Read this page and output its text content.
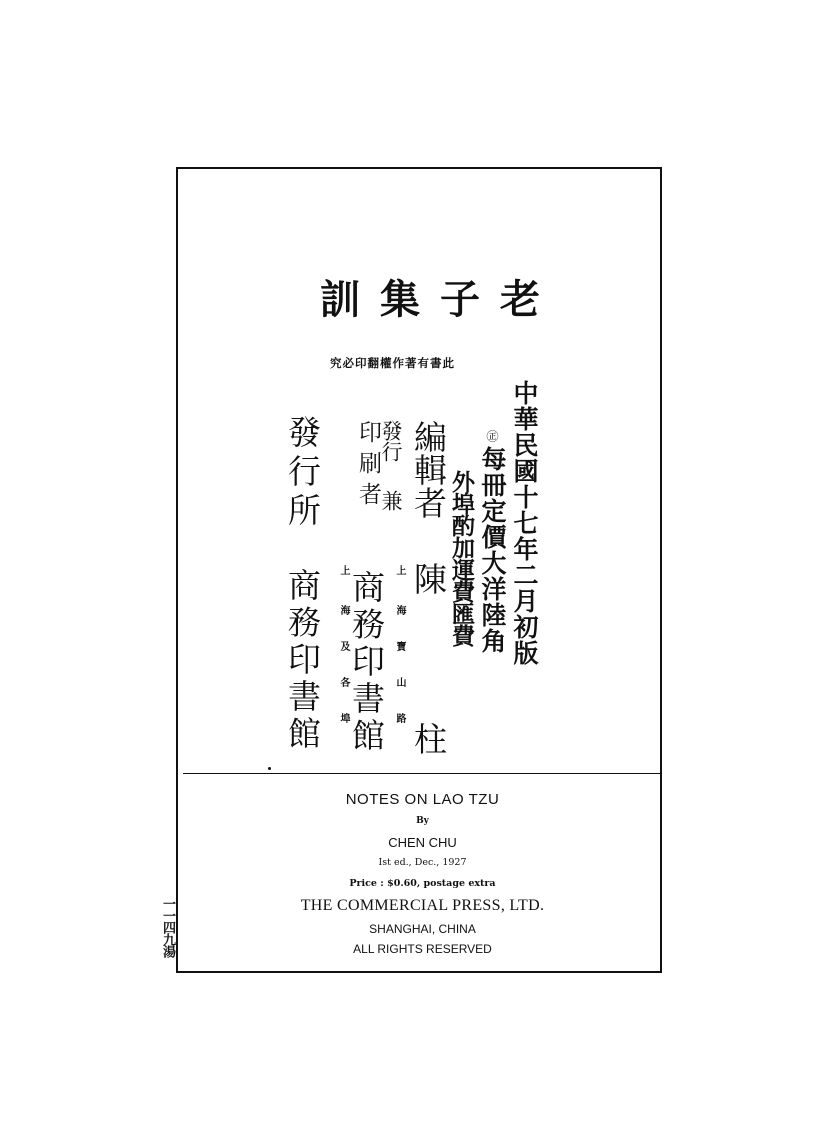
老子集訓
此書有著作權翻印必究
中華民國十七年二月初版
㊣
每冊定價大洋陸角
外埠酌加運費匯費
編輯者
陳
柱
發行
兼
印刷者
上
海寶山路
商務印書館
發行所
上
海及各埠
商務印書館
NOTES ON LAO TZU
By
CHEN CHU
Ist ed., Dec., 1927
Price : $0.60, postage extra
THE COMMERCIAL PRESS, LTD.
SHANGHAI, CHINA
ALL RIGHTS RESERVED
一一四九湯
